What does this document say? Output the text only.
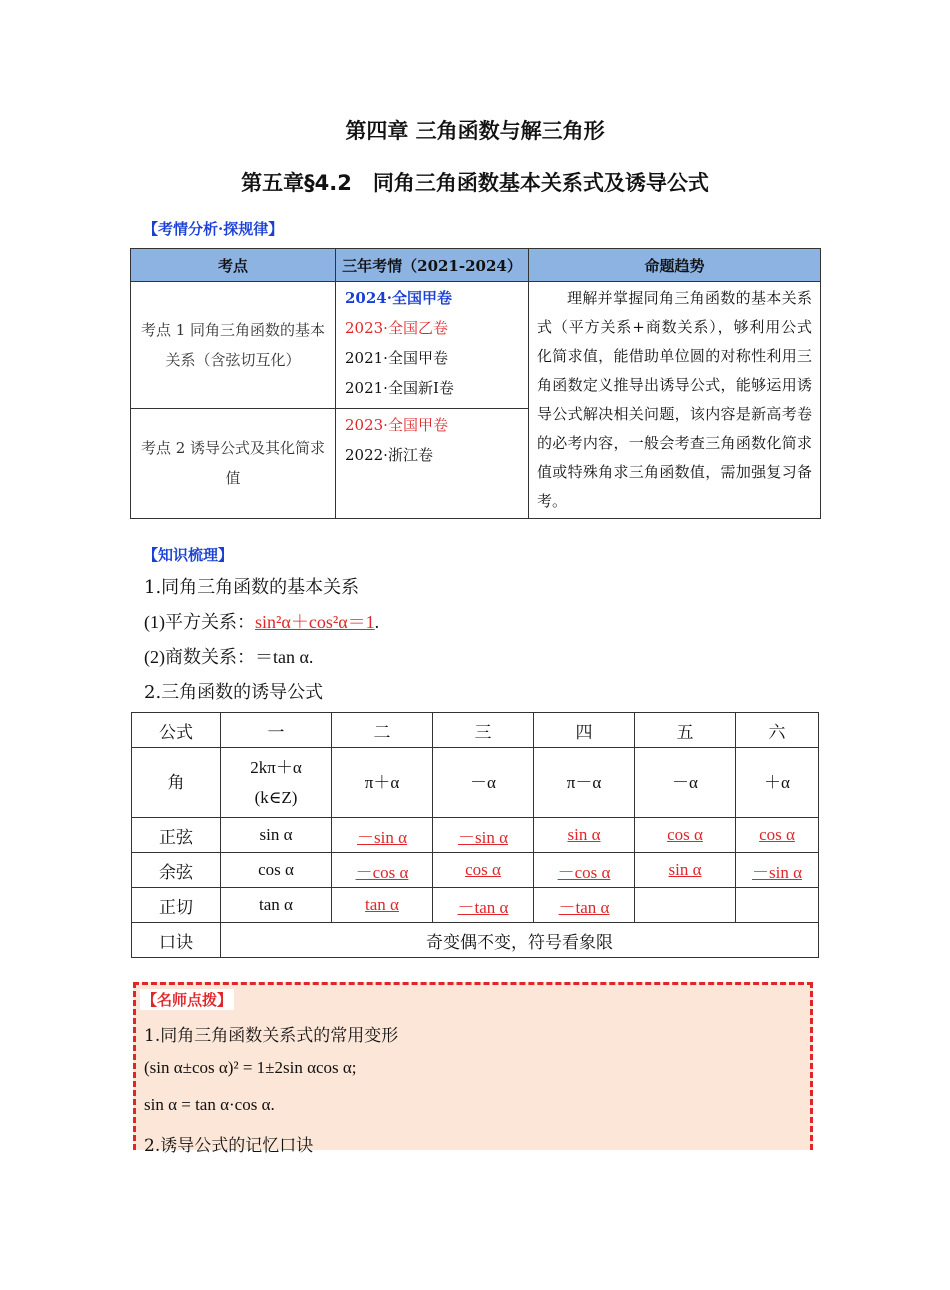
第四章 三角函数与解三角形
第五章§4.2　同角三角函数基本关系式及诱导公式
【考情分析·探规律】
考点	三年考情（2021-2024）	命题趋势
考点 1 同角三角函数的基本关系（含弦切互化）	2024·全国甲卷
2023·全国乙卷
2021·全国甲卷
2021·全国新Ⅰ卷	理解并掌握同角三角函数的基本关系式（平方关系+商数关系），够利用公式化简求值，能借助单位圆的对称性利用三角函数定义推导出诱导公式，能够运用诱导公式解决相关问题，该内容是新高考卷的必考内容，一般会考查三角函数化简求值或特殊角求三角函数值，需加强复习备考。
考点 2 诱导公式及其化简求值	2023·全国甲卷
2022·浙江卷	
【知识梳理】
1.同角三角函数的基本关系
(1)平方关系：sin²α＋cos²α＝1.
(2)商数关系：＝tan α.
2.三角函数的诱导公式
公式	一	二	三	四	五	六
角	2kπ＋α
(k∈Z)	π＋α	－α	π－α	－α	＋α
正弦	sin α	－sin α	－sin α	sin α	cos α	cos α
余弦	cos α	－cos α	cos α	－cos α	sin α	－sin α
正切	tan α	tan α	－tan α	－tan α		
口诀	奇变偶不变，符号看象限					
【名师点拨】
1.同角三角函数关系式的常用变形
(sin α±cos α)² = 1±2sin αcos α;
sin α = tan α·cos α.
2.诱导公式的记忆口诀
